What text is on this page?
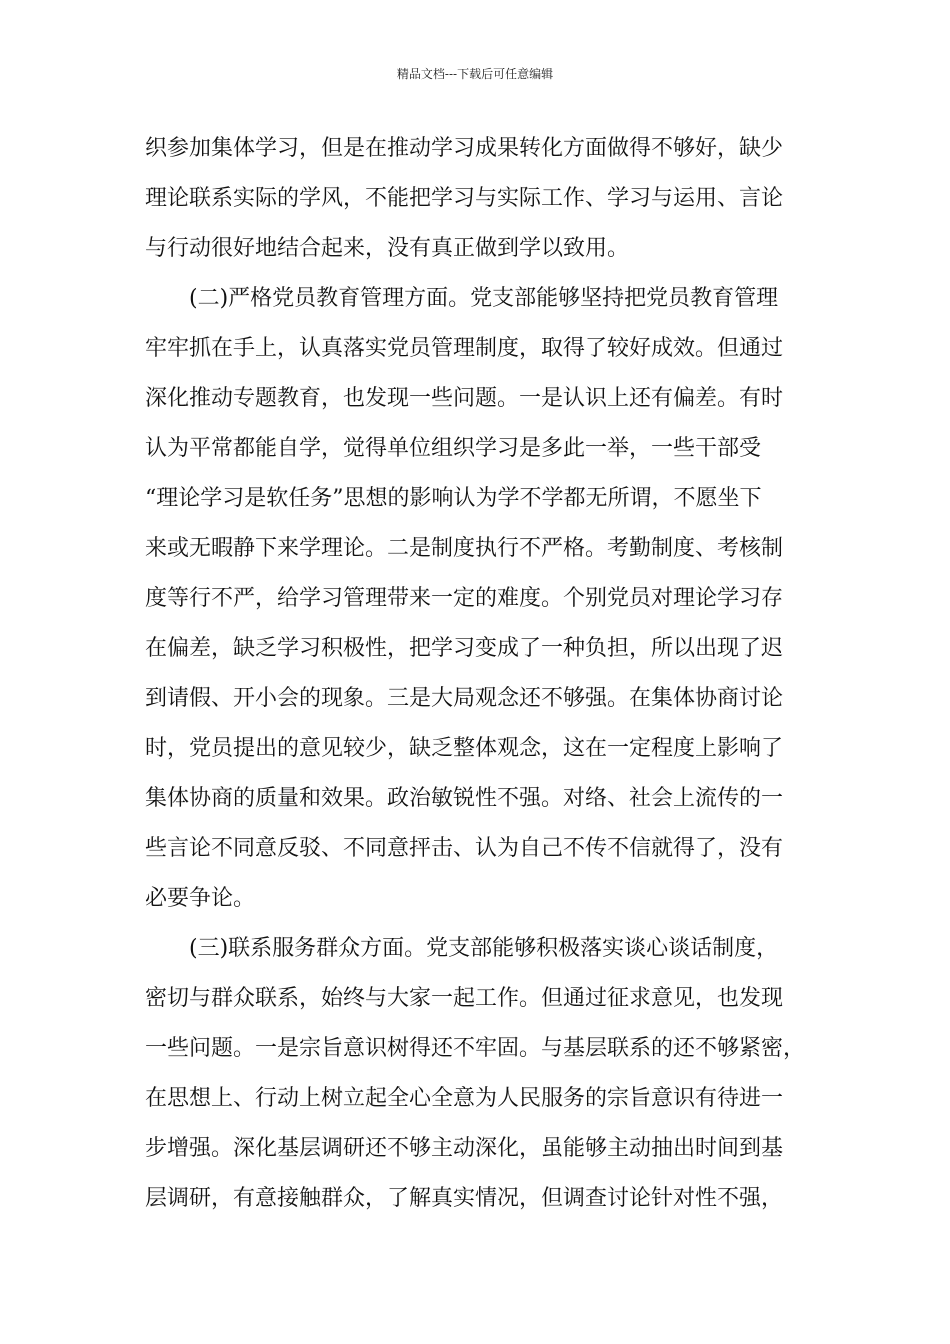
精品文档---下载后可任意编辑
织参加集体学习，但是在推动学习成果转化方面做得不够好，缺少
理论联系实际的学风，不能把学习与实际工作、学习与运用、言论
与行动很好地结合起来，没有真正做到学以致用。
(二)严格党员教育管理方面。党支部能够坚持把党员教育管理
牢牢抓在手上，认真落实党员管理制度，取得了较好成效。但通过
深化推动专题教育，也发现一些问题。一是认识上还有偏差。有时
认为平常都能自学，觉得单位组织学习是多此一举，一些干部受
“理论学习是软任务”思想的影响认为学不学都无所谓，不愿坐下
来或无暇静下来学理论。二是制度执行不严格。考勤制度、考核制
度等行不严，给学习管理带来一定的难度。个别党员对理论学习存
在偏差，缺乏学习积极性，把学习变成了一种负担，所以出现了迟
到请假、开小会的现象。三是大局观念还不够强。在集体协商讨论
时，党员提出的意见较少，缺乏整体观念，这在一定程度上影响了
集体协商的质量和效果。政治敏锐性不强。对络、社会上流传的一
些言论不同意反驳、不同意抨击、认为自己不传不信就得了，没有
必要争论。
(三)联系服务群众方面。党支部能够积极落实谈心谈话制度，
密切与群众联系，始终与大家一起工作。但通过征求意见，也发现
一些问题。一是宗旨意识树得还不牢固。与基层联系的还不够紧密，
在思想上、行动上树立起全心全意为人民服务的宗旨意识有待进一
步增强。深化基层调研还不够主动深化，虽能够主动抽出时间到基
层调研，有意接触群众，了解真实情况，但调查讨论针对性不强，
